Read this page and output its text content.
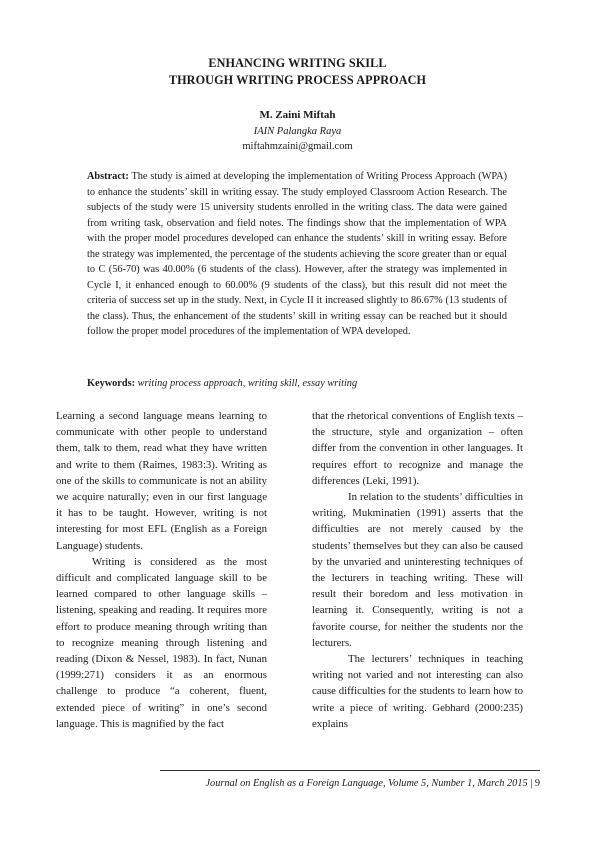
ENHANCING WRITING SKILL
THROUGH WRITING PROCESS APPROACH
M. Zaini Miftah
IAIN Palangka Raya
miftahmzaini@gmail.com
Abstract: The study is aimed at developing the implementation of Writing Process Approach (WPA) to enhance the students’ skill in writing essay. The study employed Classroom Action Research. The subjects of the study were 15 university students enrolled in the writing class. The data were gained from writing task, observation and field notes. The findings show that the implementation of WPA with the proper model procedures developed can enhance the students’ skill in writing essay. Before the strategy was implemented, the percentage of the students achieving the score greater than or equal to C (56-70) was 40.00% (6 students of the class). However, after the strategy was implemented in Cycle I, it enhanced enough to 60.00% (9 students of the class), but this result did not meet the criteria of success set up in the study. Next, in Cycle II it increased slightly to 86.67% (13 students of the class). Thus, the enhancement of the students’ skill in writing essay can be reached but it should follow the proper model procedures of the implementation of WPA developed.
Keywords: writing process approach, writing skill, essay writing

Learning a second language means learning to communicate with other people to understand them, talk to them, read what they have written and write to them (Raimes, 1983:3). Writing as one of the skills to communicate is not an ability we acquire naturally; even in our first language it has to be taught. However, writing is not interesting for most EFL (English as a Foreign Language) students.

Writing is considered as the most difficult and complicated language skill to be learned compared to other language skills – listening, speaking and reading. It requires more effort to produce meaning through writing than to recognize meaning through listening and reading (Dixon & Nessel, 1983). In fact, Nunan (1999:271) considers it as an enormous challenge to produce “a coherent, fluent, extended piece of writing” in one’s second language. This is magnified by the fact

that the rhetorical conventions of English texts – the structure, style and organization – often differ from the convention in other languages. It requires effort to recognize and manage the differences (Leki, 1991).

In relation to the students’ difficulties in writing, Mukminatien (1991) asserts that the difficulties are not merely caused by the students’ themselves but they can also be caused by the unvaried and uninteresting techniques of the lecturers in teaching writing. These will result their boredom and less motivation in learning it. Consequently, writing is not a favorite course, for neither the students nor the lecturers.

The lecturers’ techniques in teaching writing not varied and not interesting can also cause difficulties for the students to learn how to write a piece of writing. Gebhard (2000:235) explains

Journal on English as a Foreign Language, Volume 5, Number 1, March 2015 | 9
